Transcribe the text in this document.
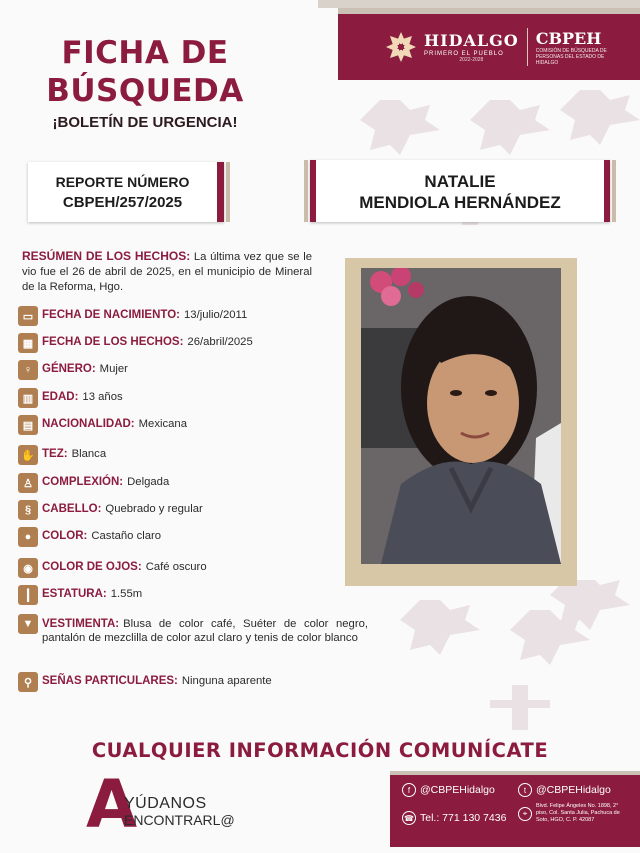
HIDALGO
PRIMERO EL PUEBLO
2022-2028
CBPEH
COMISIÓN DE BÚSQUEDA DE PERSONAS DEL ESTADO DE HIDALGO
FICHA DE
BÚSQUEDA
¡BOLETÍN DE URGENCIA!
REPORTE NÚMERO
CBPEH/257/2025
NATALIE
MENDIOLA HERNÁNDEZ
RESÚMEN DE LOS HECHOS: La última vez que se le vio fue el 26 de abril de 2025, en el municipio de Mineral de la Reforma, Hgo.
▭ FECHA DE NACIMIENTO: 13/julio/2011
▦ FECHA DE LOS HECHOS: 26/abril/2025
♀ GÉNERO: Mujer
▥ EDAD: 13 años
▤ NACIONALIDAD: Mexicana
✋ TEZ: Blanca
♙ COMPLEXIÓN: Delgada
§ CABELLO: Quebrado y regular
● COLOR: Castaño claro
◉ COLOR DE OJOS: Café oscuro
┃ ESTATURA: 1.55m
▼ VESTIMENTA: Blusa de color café, Suéter de color negro, pantalón de mezclilla de color azul claro y tenis de color blanco
⚲ SEÑAS PARTICULARES: Ninguna aparente
CUALQUIER INFORMACIÓN COMUNÍCATE
A
YÚDANOS
ENCONTRARL@
f @CBPEHidalgo	t @CBPEHidalgo
☎ Tel.: 771 130 7436	⌖
Blvd. Felipe Ángeles No. 1898, 2° piso, Col. Santa Julia, Pachuca de Soto, HGO, C. P. 42087
